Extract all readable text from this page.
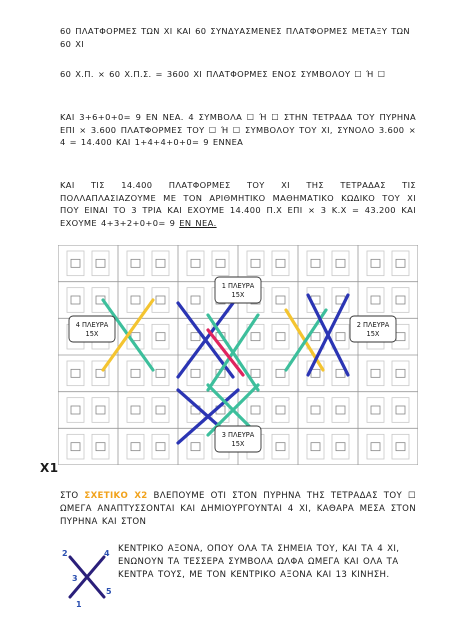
60 ΠΛΑΤΦΟΡΜΕΣ ΤΩΝ ΧΙ ΚΑΙ 60 ΣΥΝΔΥΑΣΜΕΝΕΣ ΠΛΑΤΦΟΡΜΕΣ ΜΕΤΑΞΥ ΤΩΝ 60 ΧΙ

60 Χ.Π. × 60 Χ.Π.Σ. = 3600 ΧΙ ΠΛΑΤΦΟΡΜΕΣ ΕΝΟΣ ΣΥΜΒΟΛΟΥ ☐ Ή ☐

ΚΑΙ 3+6+0+0= 9 ΕΝ ΝΕΑ. 4 ΣΥΜΒΟΛΑ ☐ Ή ☐ ΣΤΗΝ ΤΕΤΡΑΔΑ ΤΟΥ ΠΥΡΗΝΑ ΕΠΙ × 3.600 ΠΛΑΤΦΟΡΜΕΣ ΤΟΥ ☐ Ή ☐ ΣΥΜΒΟΛΟΥ ΤΟΥ ΧΙ, ΣΥΝΟΛΟ 3.600 × 4 = 14.400 ΚΑΙ 1+4+4+0+0= 9 ΕΝΝΕΑ

ΚΑΙ ΤΙΣ 14.400 ΠΛΑΤΦΟΡΜΕΣ ΤΟΥ ΧΙ ΤΗΣ ΤΕΤΡΑΔΑΣ ΤΙΣ ΠΟΛΛΑΠΛΑΣΙΑΖΟΥΜΕ ΜΕ ΤΟΝ ΑΡΙΘΜΗΤΙΚΟ ΜΑΘΗΜΑΤΙΚΟ ΚΩΔΙΚΟ ΤΟΥ ΧΙ ΠΟΥ ΕΙΝΑΙ ΤΟ 3 ΤΡΙΑ ΚΑΙ ΕΧΟΥΜΕ 14.400 Π.Χ ΕΠΙ × 3 Κ.Χ = 43.200 ΚΑΙ ΕΧΟΥΜΕ 4+3+2+0+0= 9 ΕΝ ΝΕΑ.

1 ΠΛΕΥΡΑ
15Χ
4 ΠΛΕΥΡΑ
15Χ
2 ΠΛΕΥΡΑ
15Χ
3 ΠΛΕΥΡΑ
15Χ
Χ1

ΣΤΟ ΣΧΕΤΙΚΟ Χ2 ΒΛΕΠΟΥΜΕ ΟΤΙ ΣΤΟΝ ΠΥΡΗΝΑ ΤΗΣ ΤΕΤΡΑΔΑΣ ΤΟΥ ☐ ΩΜΕΓΑ ΑΝΑΠΤΥΣΣΟΝΤΑΙ ΚΑΙ ΔΗΜΙΟΥΡΓΟΥΝΤΑΙ 4 ΧΙ, ΚΑΘΑΡΑ ΜΕΣΑ ΣΤΟΝ ΠΥΡΗΝΑ ΚΑΙ ΣΤΟΝ

2	4
3
5
1

ΚΕΝΤΡΙΚΟ ΑΞΟΝΑ, ΟΠΟΥ ΟΛΑ ΤΑ ΣΗΜΕΙΑ ΤΟΥ, ΚΑΙ ΤΑ 4 ΧΙ, ΕΝΩΝΟΥΝ ΤΑ ΤΕΣΣΕΡΑ ΣΥΜΒΟΛΑ ΩΛΦΑ ΩΜΕΓΑ ΚΑΙ ΟΛΑ ΤΑ ΚΕΝΤΡΑ ΤΟΥΣ, ΜΕ ΤΟΝ ΚΕΝΤΡΙΚΟ ΑΞΟΝΑ ΚΑΙ 13 ΚΙΝΗΣΗ.
